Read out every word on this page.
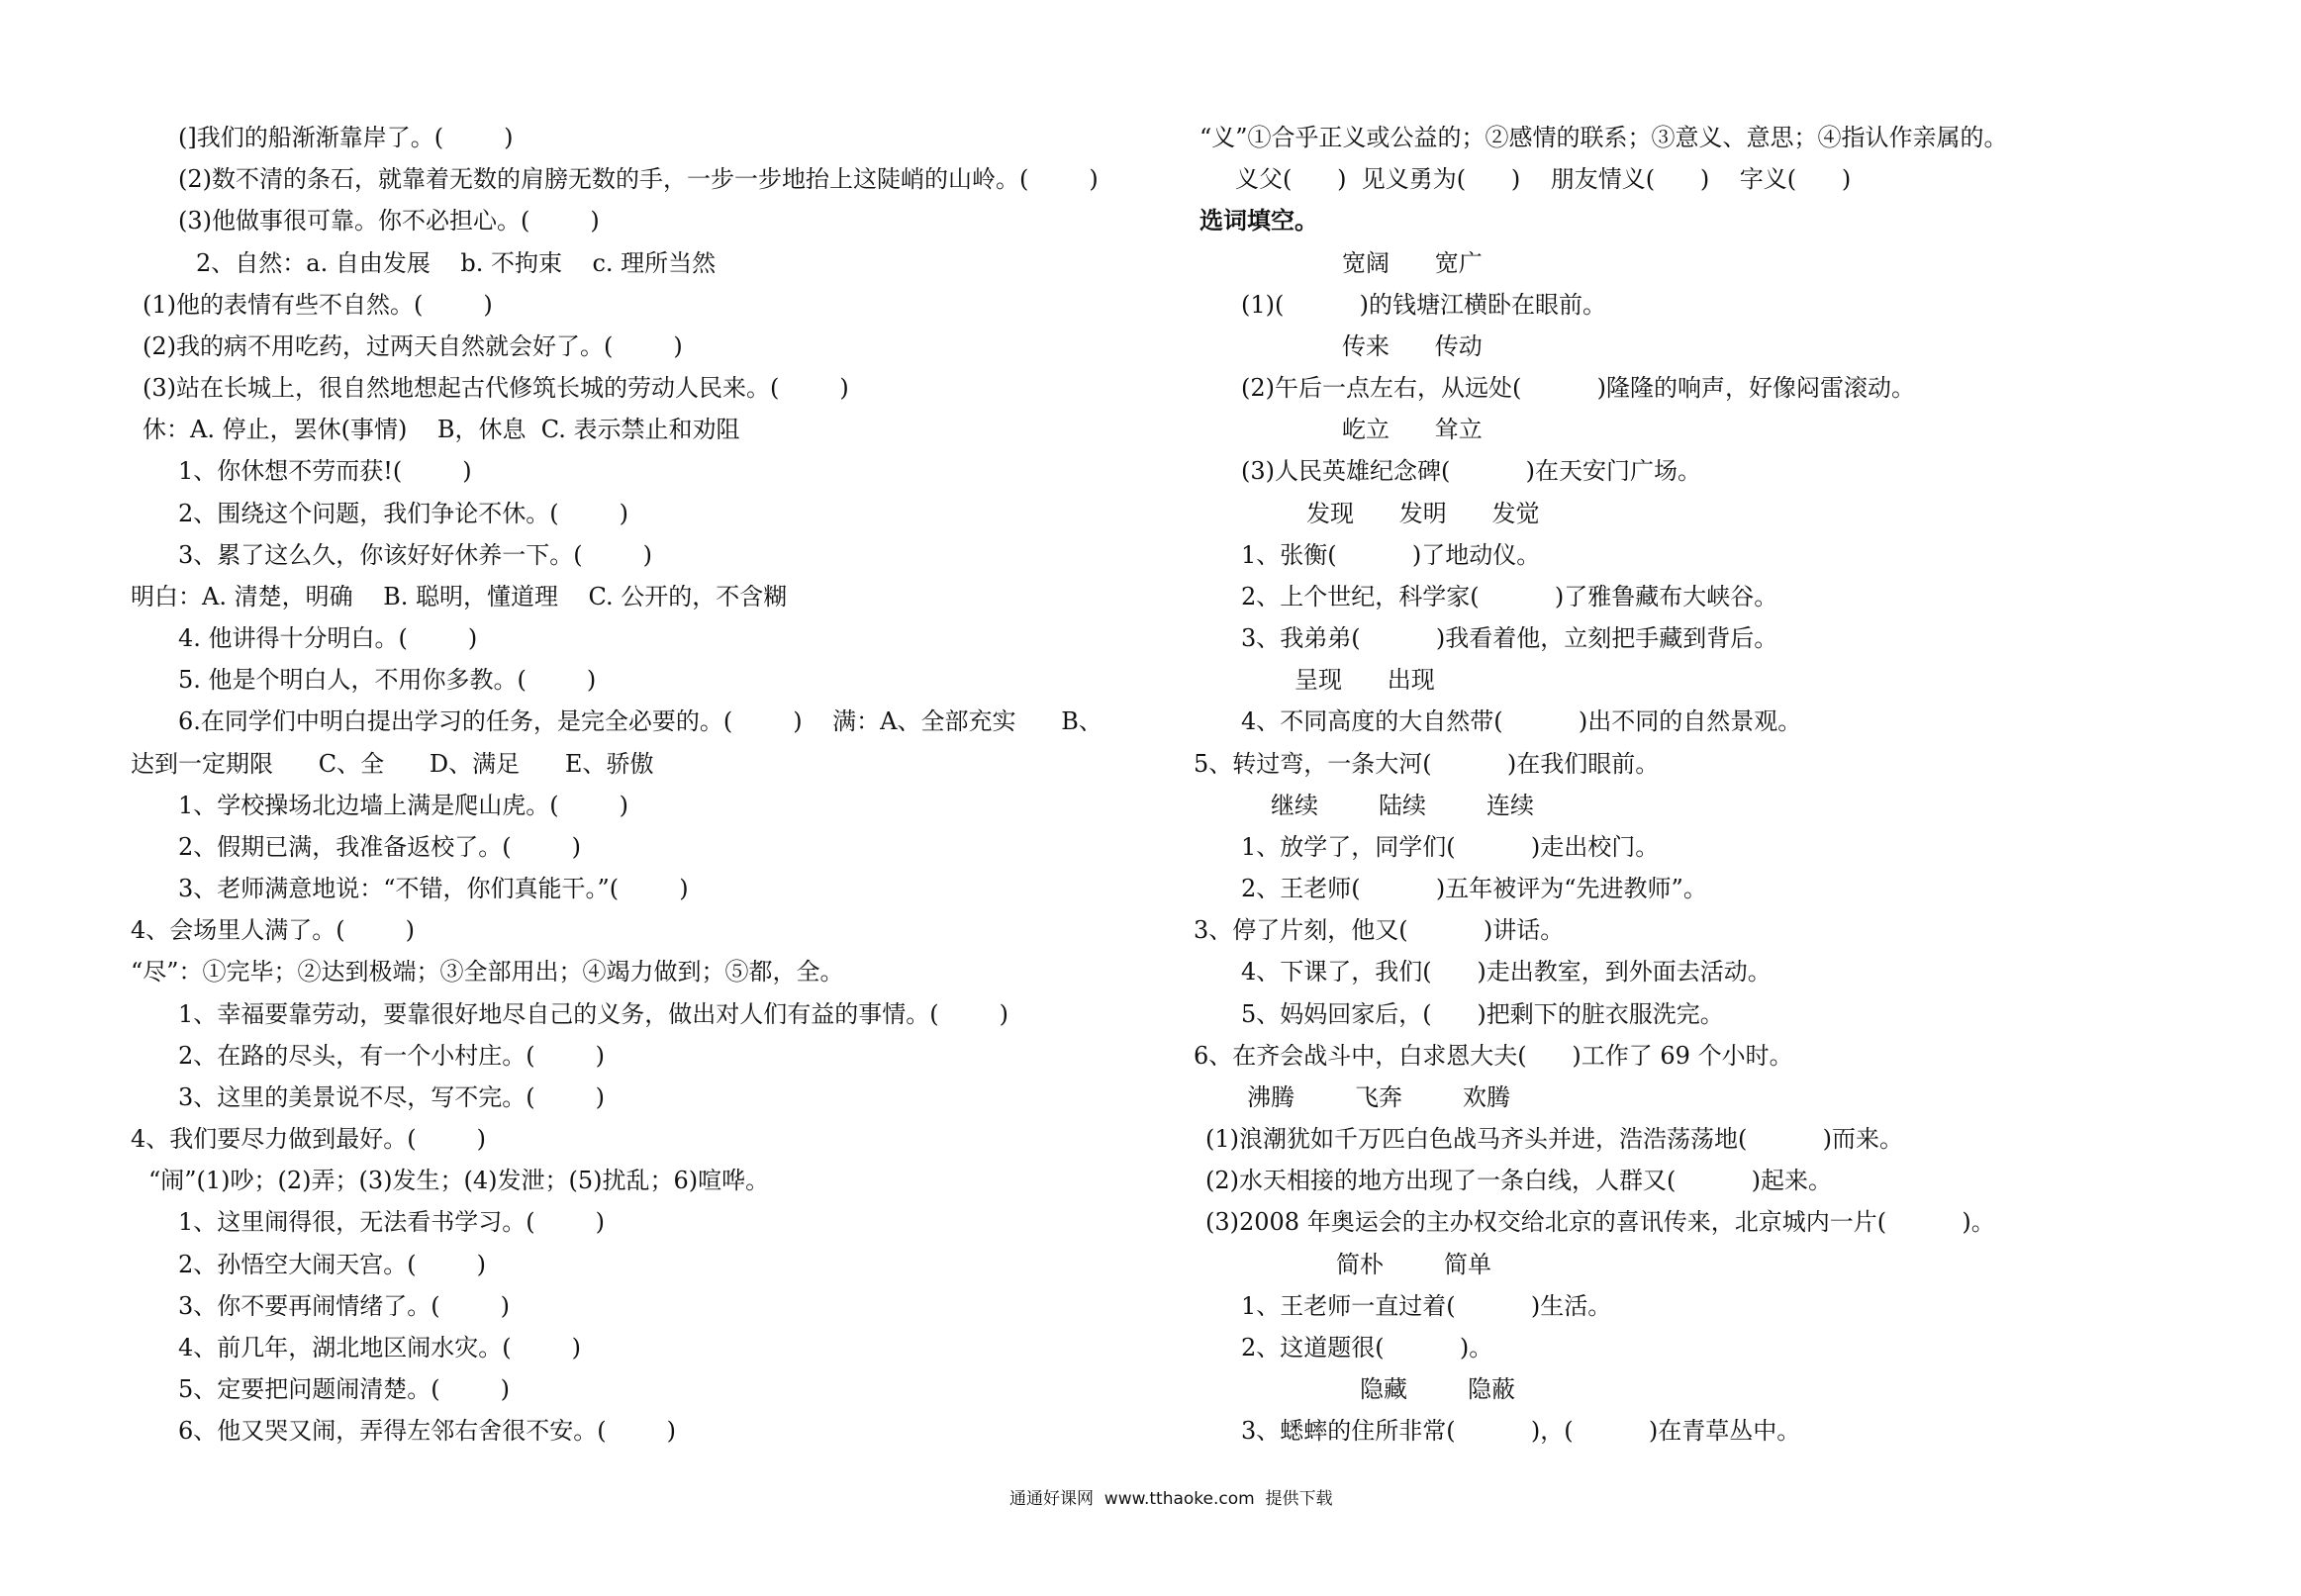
(]我们的船渐渐靠岸了。(        )
(2)数不清的条石，就靠着无数的肩膀无数的手，一步一步地抬上这陡峭的山岭。(        )
(3)他做事很可靠。你不必担心。(        )
2、自然：a. 自由发展    b. 不拘束    c. 理所当然
(1)他的表情有些不自然。(        )
(2)我的病不用吃药，过两天自然就会好了。(        )
(3)站在长城上，很自然地想起古代修筑长城的劳动人民来。(        )
休：A. 停止，罢休(事情)    B，休息  C. 表示禁止和劝阻
1、你休想不劳而获!(        )
2、围绕这个问题，我们争论不休。(        )
3、累了这么久，你该好好休养一下。(        )
明白：A. 清楚，明确    B. 聪明，懂道理    C. 公开的，不含糊
4. 他讲得十分明白。(        )
5. 他是个明白人，不用你多教。(        )
6.在同学们中明白提出学习的任务，是完全必要的。(        )    满：A、全部充实      B、
达到一定期限      C、全      D、满足      E、骄傲
1、学校操场北边墙上满是爬山虎。(        )
2、假期已满，我准备返校了。(        )
3、老师满意地说：“不错，你们真能干。”(        )
4、会场里人满了。(        )
“尽”：①完毕；②达到极端；③全部用出；④竭力做到；⑤都，全。
1、幸福要靠劳动，要靠很好地尽自己的义务，做出对人们有益的事情。(        )
2、在路的尽头，有一个小村庄。(        )
3、这里的美景说不尽，写不完。(        )
4、我们要尽力做到最好。(        )
“闹”(1)吵；(2)弄；(3)发生；(4)发泄；(5)扰乱；6)喧哗。
1、这里闹得很，无法看书学习。(        )
2、孙悟空大闹天宫。(        )
3、你不要再闹情绪了。(        )
4、前几年，湖北地区闹水灾。(        )
5、定要把问题闹清楚。(        )
6、他又哭又闹，弄得左邻右舍很不安。(        )
“义”①合乎正义或公益的；②感情的联系；③意义、意思；④指认作亲属的。
义父(      )  见义勇为(      )    朋友情义(      )    字义(      )
选词填空。
宽阔      宽广
(1)(          )的钱塘江横卧在眼前。
传来      传动
(2)午后一点左右，从远处(          )隆隆的响声，好像闷雷滚动。
屹立      耸立
(3)人民英雄纪念碑(          )在天安门广场。
发现      发明      发觉
1、张衡(          )了地动仪。
2、上个世纪，科学家(          )了雅鲁藏布大峡谷。
3、我弟弟(          )我看着他，立刻把手藏到背后。
呈现      出现
4、不同高度的大自然带(          )出不同的自然景观。
5、转过弯，一条大河(          )在我们眼前。
继续        陆续        连续
1、放学了，同学们(          )走出校门。
2、王老师(          )五年被评为“先进教师”。
3、停了片刻，他又(          )讲话。
4、下课了，我们(      )走出教室，到外面去活动。
5、妈妈回家后，(      )把剩下的脏衣服洗完。
6、在齐会战斗中，白求恩大夫(      )工作了 69 个小时。
沸腾        飞奔        欢腾
(1)浪潮犹如千万匹白色战马齐头并进，浩浩荡荡地(          )而来。
(2)水天相接的地方出现了一条白线，人群又(          )起来。
(3)2008 年奥运会的主办权交给北京的喜讯传来，北京城内一片(          )。
简朴        简单
1、王老师一直过着(          )生活。
2、这道题很(          )。
隐藏        隐蔽
3、蟋蟀的住所非常(          )，(          )在青草丛中。
通通好课网  www.tthaoke.com  提供下载
